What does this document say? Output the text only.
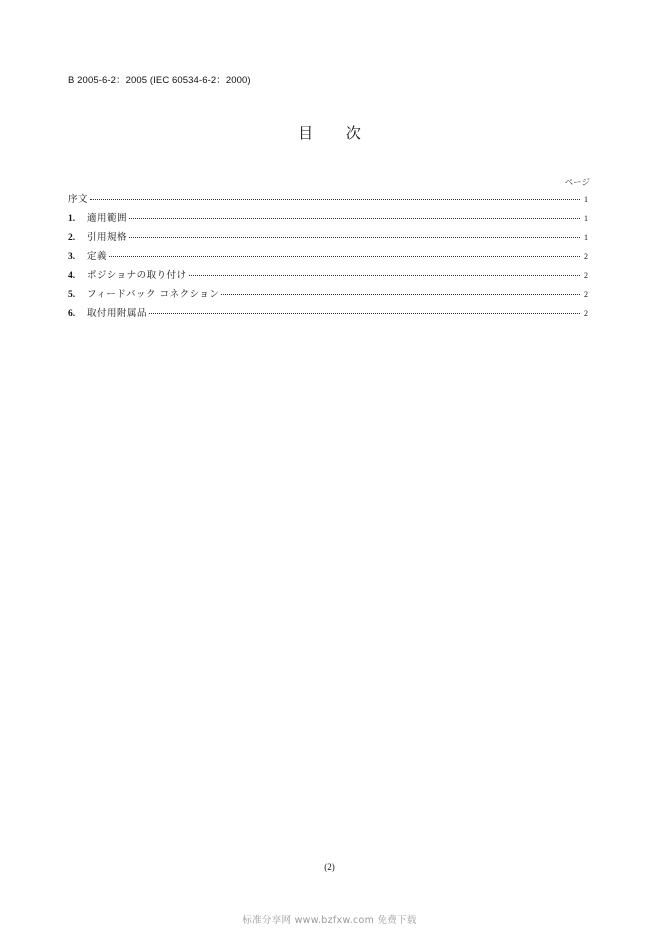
B 2005-6-2：2005 (IEC 60534-6-2：2000)
目 次
ページ
序文	1
1.	適用範囲	1
2.	引用規格	1
3.	定義	2
4.	ポジショナの取り付け	2
5.	フィードバック コネクション	2
6.	取付用附属品	2
(2)
标准分享网 www.bzfxw.com 免费下载
